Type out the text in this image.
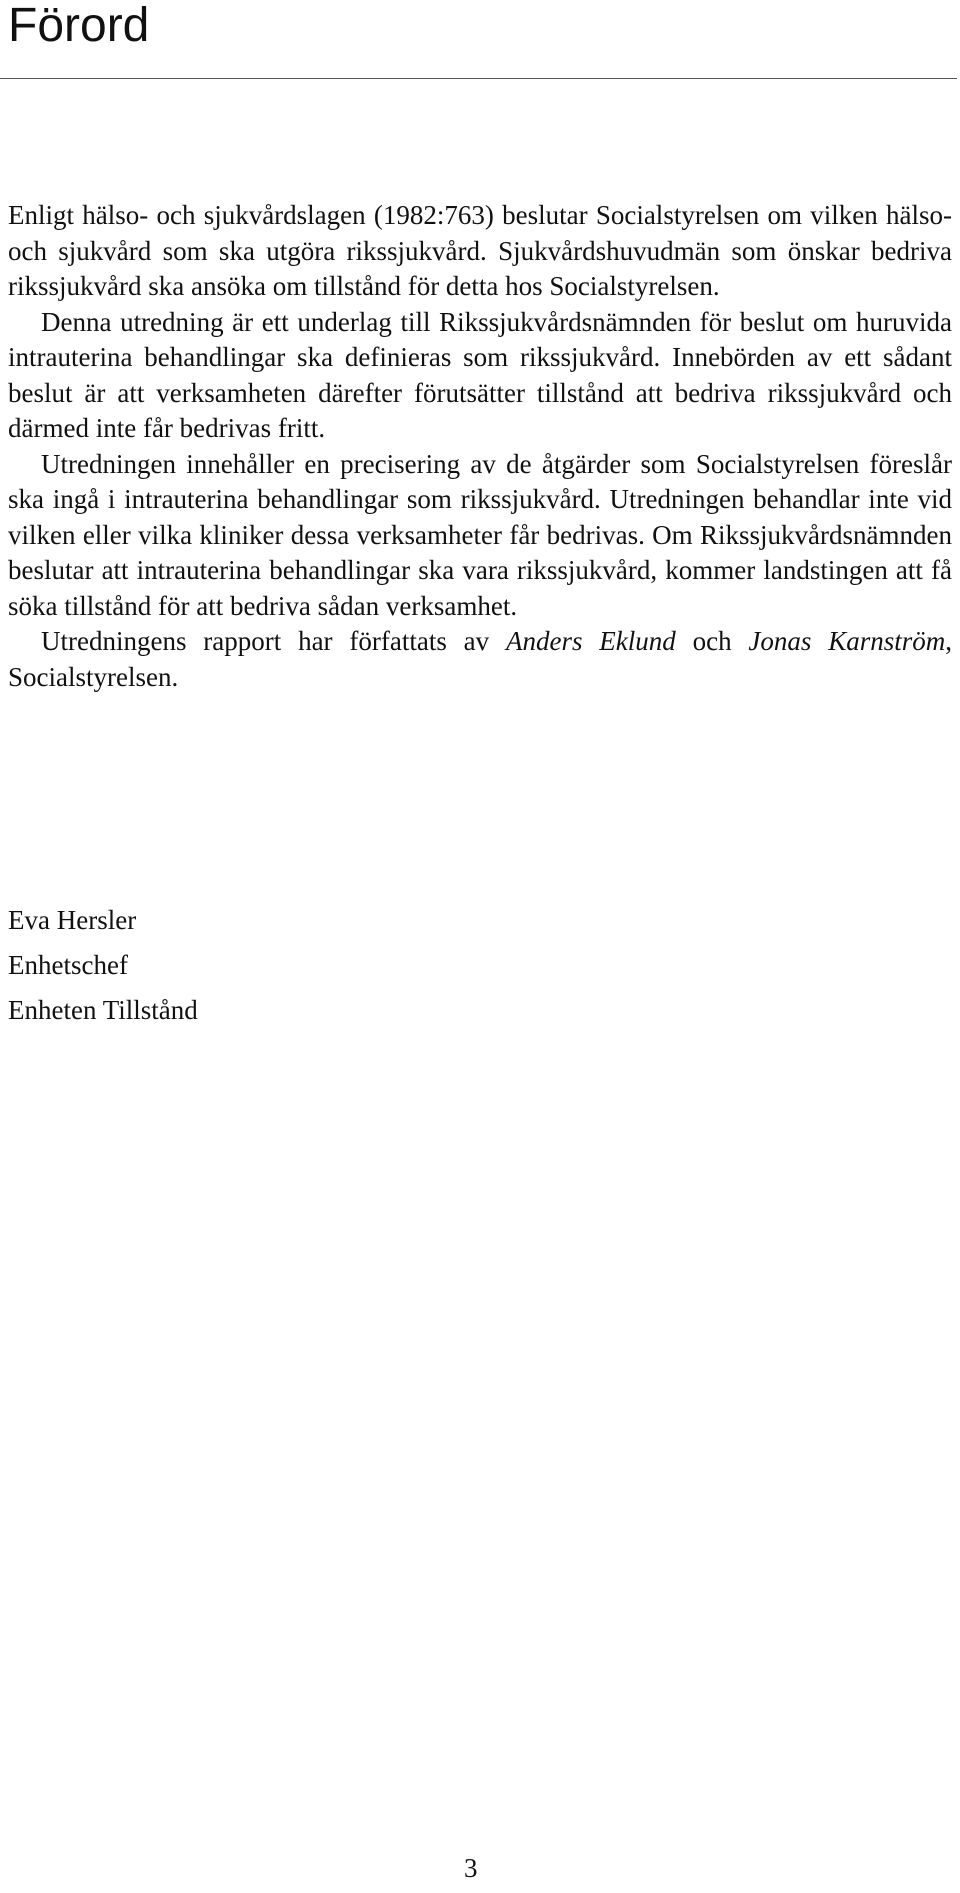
Förord

Enligt hälso- och sjukvårdslagen (1982:763) beslutar Socialstyrelsen om vilken hälso- och sjukvård som ska utgöra rikssjukvård. Sjukvårdshuvudmän som önskar bedriva rikssjukvård ska ansöka om tillstånd för detta hos Socialstyrelsen.

Denna utredning är ett underlag till Rikssjukvårdsnämnden för beslut om huruvida intrauterina behandlingar ska definieras som rikssjukvård. Innebörden av ett sådant beslut är att verksamheten därefter förutsätter tillstånd att bedriva rikssjukvård och därmed inte får bedrivas fritt.

Utredningen innehåller en precisering av de åtgärder som Socialstyrelsen föreslår ska ingå i intrauterina behandlingar som rikssjukvård. Utredningen behandlar inte vid vilken eller vilka kliniker dessa verksamheter får bedrivas. Om Rikssjukvårdsnämnden beslutar att intrauterina behandlingar ska vara rikssjukvård, kommer landstingen att få söka tillstånd för att bedriva sådan verksamhet.

Utredningens rapport har författats av Anders Eklund och Jonas Karnström, Socialstyrelsen.

Eva Hersler
Enhetschef
Enheten Tillstånd
3
